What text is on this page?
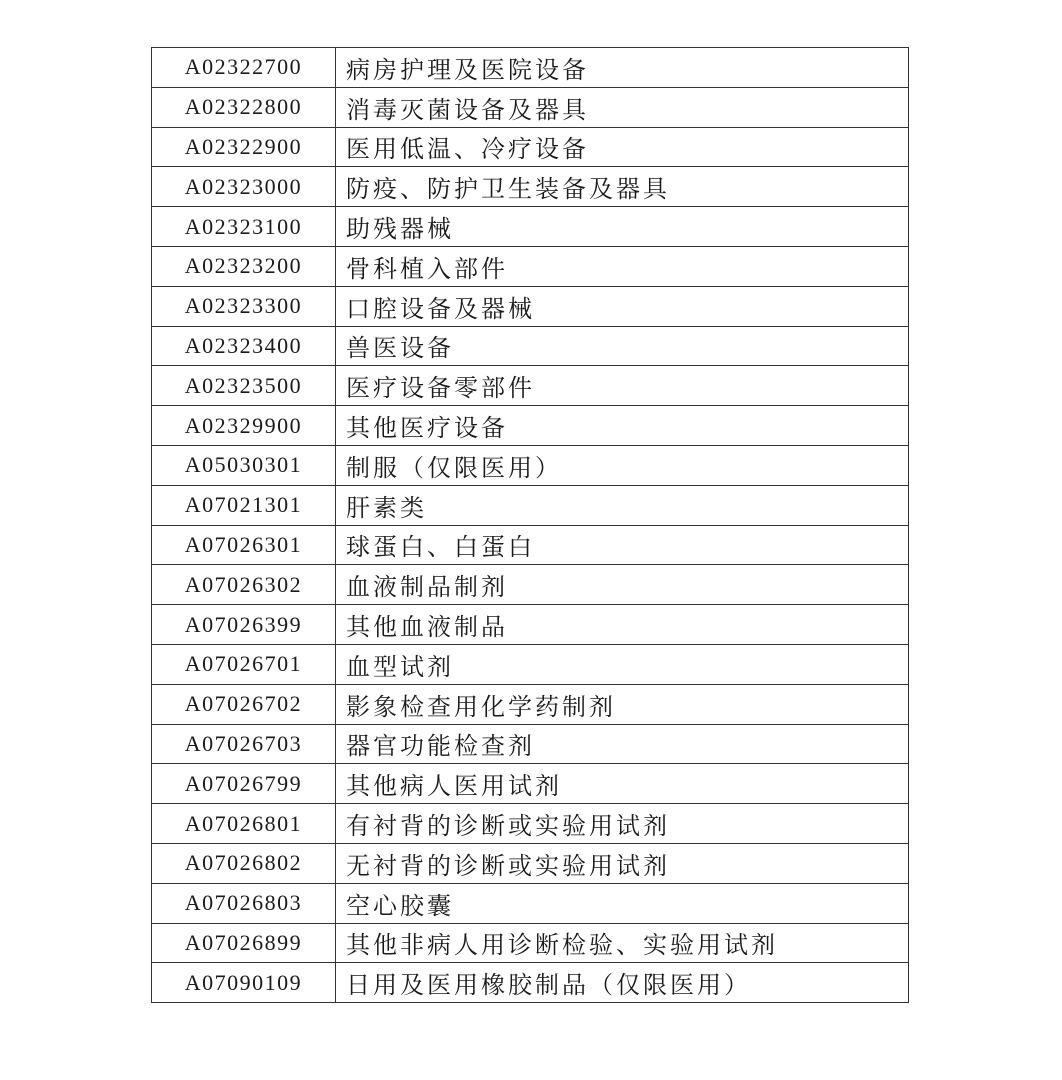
A02322700	病房护理及医院设备
A02322800	消毒灭菌设备及器具
A02322900	医用低温、冷疗设备
A02323000	防疫、防护卫生装备及器具
A02323100	助残器械
A02323200	骨科植入部件
A02323300	口腔设备及器械
A02323400	兽医设备
A02323500	医疗设备零部件
A02329900	其他医疗设备
A05030301	制服（仅限医用）
A07021301	肝素类
A07026301	球蛋白、白蛋白
A07026302	血液制品制剂
A07026399	其他血液制品
A07026701	血型试剂
A07026702	影象检查用化学药制剂
A07026703	器官功能检查剂
A07026799	其他病人医用试剂
A07026801	有衬背的诊断或实验用试剂
A07026802	无衬背的诊断或实验用试剂
A07026803	空心胶囊
A07026899	其他非病人用诊断检验、实验用试剂
A07090109	日用及医用橡胶制品（仅限医用）
